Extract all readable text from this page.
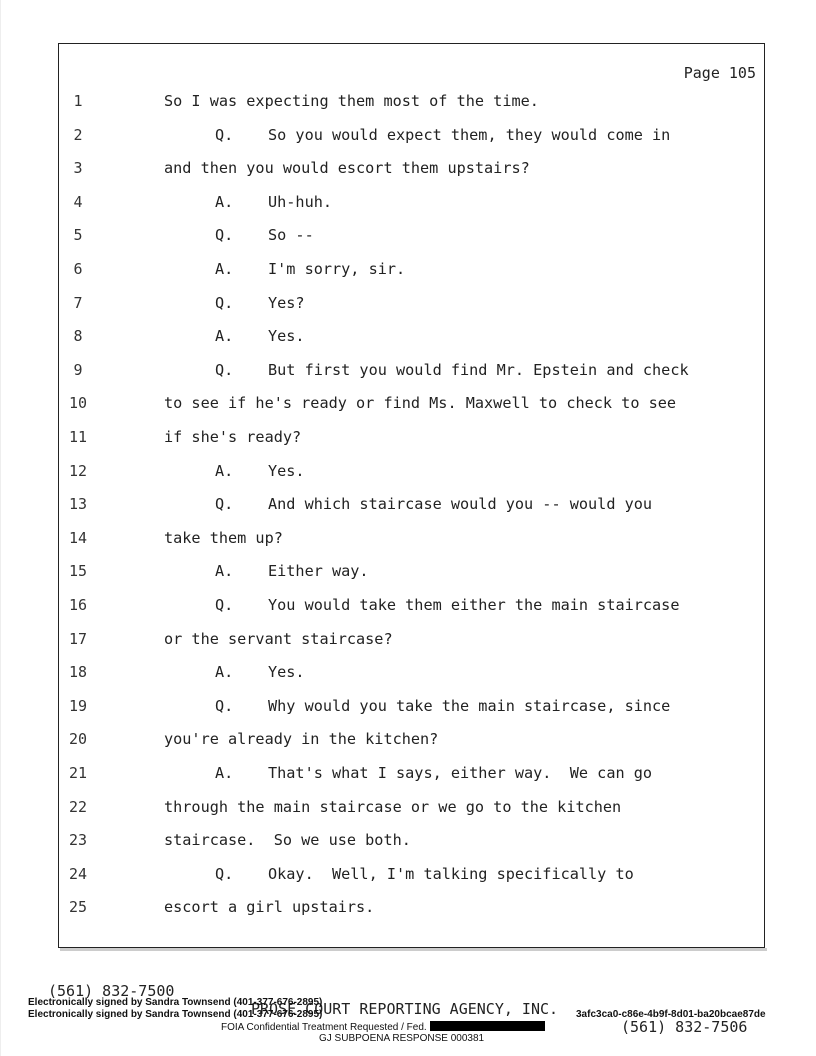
Page 105
1	So I was expecting them most of the time.
2	Q. So you would expect them, they would come in
3	and then you would escort them upstairs?
4	A. Uh-huh.
5	Q. So --
6	A. I'm sorry, sir.
7	Q. Yes?
8	A. Yes.
9	Q. But first you would find Mr. Epstein and check
10	to see if he's ready or find Ms. Maxwell to check to see
11	if she's ready?
12	A. Yes.
13	Q. And which staircase would you -- would you
14	take them up?
15	A. Either way.
16	Q. You would take them either the main staircase
17	or the servant staircase?
18	A. Yes.
19	Q. Why would you take the main staircase, since
20	you're already in the kitchen?
21	A. That's what I says, either way.  We can go
22	through the main staircase or we go to the kitchen
23	staircase.  So we use both.
24	Q. Okay.  Well, I'm talking specifically to
25	escort a girl upstairs.

(561) 832-7500

PROSE COURT REPORTING AGENCY, INC.

(561) 832-7506

Electronically signed by Sandra Townsend (401-377-676-2895)
Electronically signed by Sandra Townsend (401-377-676-2895)	3afc3ca0-c86e-4b9f-8d01-ba20bcae87de
FOIA Confidential Treatment Requested / Fed.
GJ SUBPOENA RESPONSE 000381
